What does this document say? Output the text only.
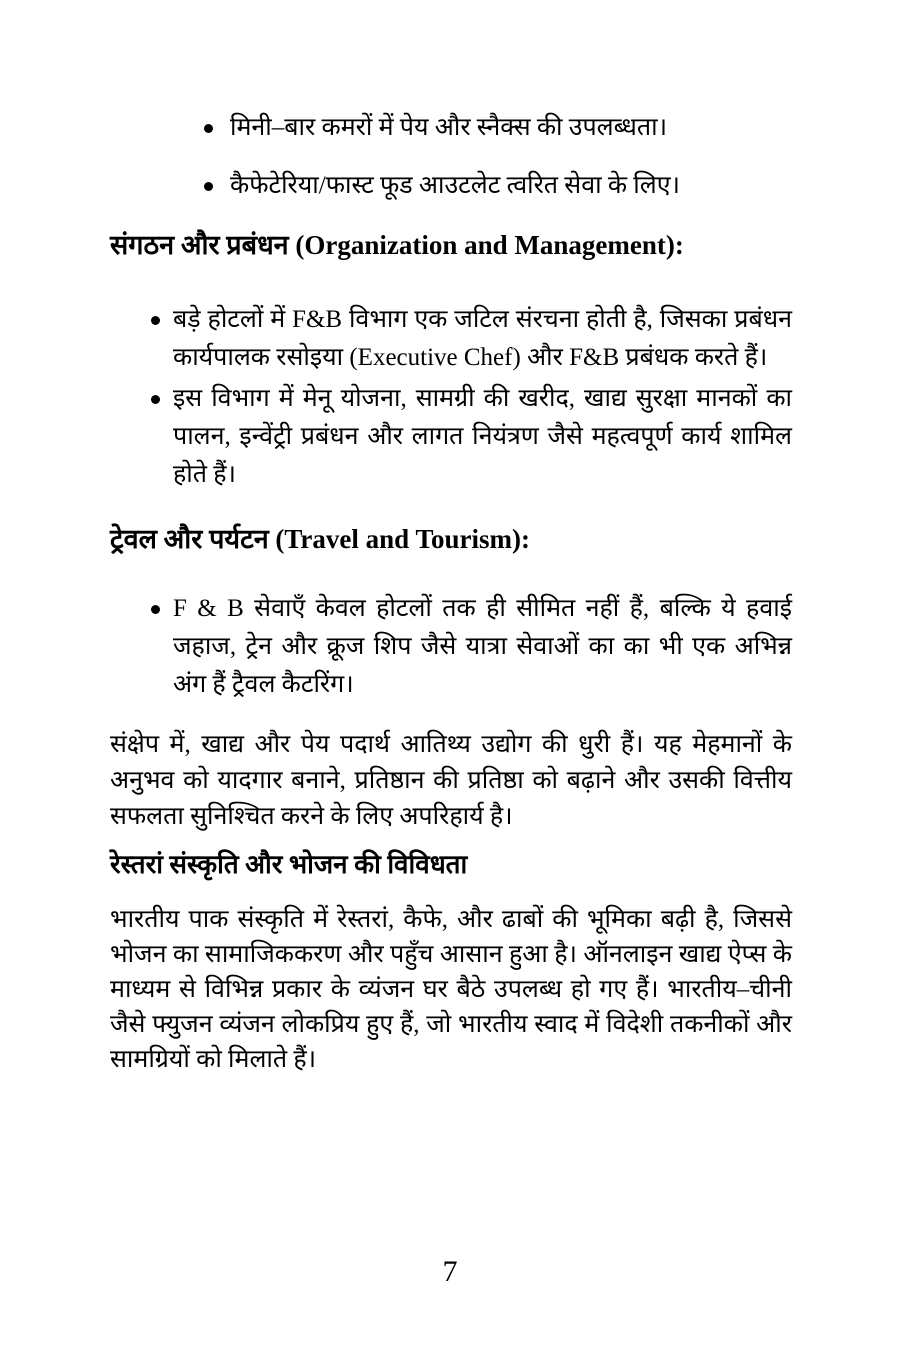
मिनी–बार कमरों में पेय और स्नैक्स की उपलब्धता।
कैफेटेरिया/फास्ट फूड आउटलेट त्वरित सेवा के लिए।
संगठन और प्रबंधन (Organization and Management):
बड़े होटलों में F&B विभाग एक जटिल संरचना होती है, जिसका प्रबंधन कार्यपालक रसोइया (Executive Chef) और F&B प्रबंधक करते हैं।
इस विभाग में मेनू योजना, सामग्री की खरीद, खाद्य सुरक्षा मानकों का पालन, इन्वेंट्री प्रबंधन और लागत नियंत्रण जैसे महत्वपूर्ण कार्य शामिल होते हैं।
ट्रेवल और पर्यटन (Travel and Tourism):
F & B सेवाएँ केवल होटलों तक ही सीमित नहीं हैं, बल्कि ये हवाई जहाज, ट्रेन और क्रूज शिप जैसे यात्रा सेवाओं का का भी एक अभिन्न अंग हैं ट्रैवल कैटरिंग।

संक्षेप में, खाद्य और पेय पदार्थ आतिथ्य उद्योग की धुरी हैं। यह मेहमानों के अनुभव को यादगार बनाने, प्रतिष्ठान की प्रतिष्ठा को बढ़ाने और उसकी वित्तीय सफलता सुनिश्चित करने के लिए अपरिहार्य है।

रेस्तरां संस्कृति और भोजन की विविधता

भारतीय पाक संस्कृति में रेस्तरां, कैफे, और ढाबों की भूमिका बढ़ी है, जिससे भोजन का सामाजिककरण और पहुँच आसान हुआ है। ऑनलाइन खाद्य ऐप्स के माध्यम से विभिन्न प्रकार के व्यंजन घर बैठे उपलब्ध हो गए हैं। भारतीय–चीनी जैसे फ्युजन व्यंजन लोकप्रिय हुए हैं, जो भारतीय स्वाद में विदेशी तकनीकों और सामग्रियों को मिलाते हैं।

7
